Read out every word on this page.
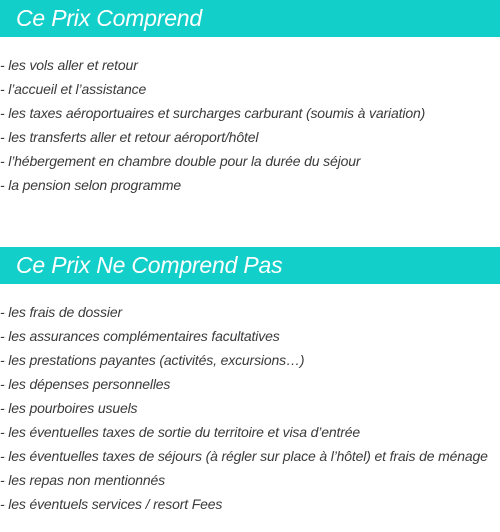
Ce Prix Comprend
- les vols aller et retour
- l’accueil et l’assistance
- les taxes aéroportuaires et surcharges carburant (soumis à variation)
- les transferts aller et retour aéroport/hôtel
- l’hébergement en chambre double pour la durée du séjour
- la pension selon programme
Ce Prix Ne Comprend Pas
- les frais de dossier
- les assurances complémentaires facultatives
- les prestations payantes (activités, excursions…)
- les dépenses personnelles
- les pourboires usuels
- les éventuelles taxes de sortie du territoire et visa d’entrée
- les éventuelles taxes de séjours (à régler sur place à l’hôtel) et frais de ménage
- les repas non mentionnés
- les éventuels services / resort Fees
